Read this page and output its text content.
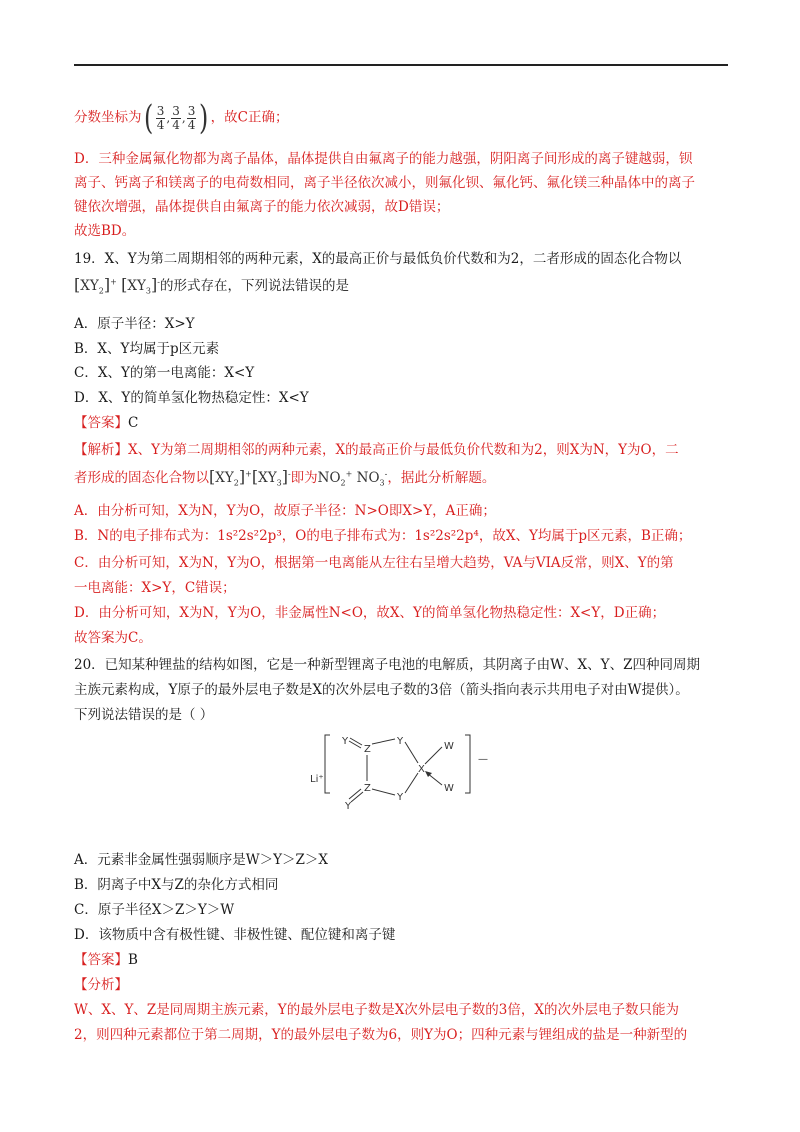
分数坐标为 ( $\frac{3}{4}$ , $\frac{3}{4}$ , $\frac{3}{4}$ ) ，故C正确；
D．三种金属氟化物都为离子晶体，晶体提供自由氟离子的能力越强，阴阳离子间形成的离子键越弱，钡
离子、钙离子和镁离子的电荷数相同，离子半径依次减小，则氟化钡、氟化钙、氟化镁三种晶体中的离子
键依次增强，晶体提供自由氟离子的能力依次减弱，故D错误；
故选BD。
19．X、Y为第二周期相邻的两种元素，X的最高正价与最低负价代数和为2，二者形成的固态化合物以
$[XY_2]^+$ $[XY_3]^-$的形式存在，下列说法错误的是
A．原子半径：X>Y
B．X、Y均属于p区元素
C．X、Y的第一电离能：X<Y
D．X、Y的简单氢化物热稳定性：X<Y
【答案】C
【解析】X、Y为第二周期相邻的两种元素，X的最高正价与最低负价代数和为2，则X为N，Y为O，二
者形成的固态化合物以$[XY_2]^+[XY_3]^-$即为$NO_2^+$ $NO_3^-$，据此分析解题。
A．由分析可知，X为N，Y为O，故原子半径：N>O即X>Y，A正确；
B．N的电子排布式为：1s²2s²2p³，O的电子排布式为：1s²2s²2p⁴，故X、Y均属于p区元素，B正确；
C．由分析可知，X为N，Y为O，根据第一电离能从左往右呈增大趋势，VA与VIA反常，则X、Y的第
一电离能：X>Y，C错误；
D．由分析可知，X为N，Y为O，非金属性N<O，故X、Y的简单氢化物热稳定性：X<Y，D正确；
故答案为C。
20．已知某种锂盐的结构如图，它是一种新型锂离子电池的电解质，其阴离子由W、X、Y、Z四种同周期
主族元素构成，Y原子的最外层电子数是X的次外层电子数的3倍（箭头指向表示共用电子对由W提供）。
下列说法错误的是（ ）
Li⁺
Y
Z
Y
X
W
W
Z
Y
Y
—
A．元素非金属性强弱顺序是W＞Y＞Z＞X
B．阴离子中X与Z的杂化方式相同
C．原子半径X＞Z＞Y＞W
D．该物质中含有极性键、非极性键、配位键和离子键
【答案】B
【分析】
W、X、Y、Z是同周期主族元素，Y的最外层电子数是X次外层电子数的3倍，X的次外层电子数只能为
2，则四种元素都位于第二周期，Y的最外层电子数为6，则Y为O；四种元素与锂组成的盐是一种新型的
